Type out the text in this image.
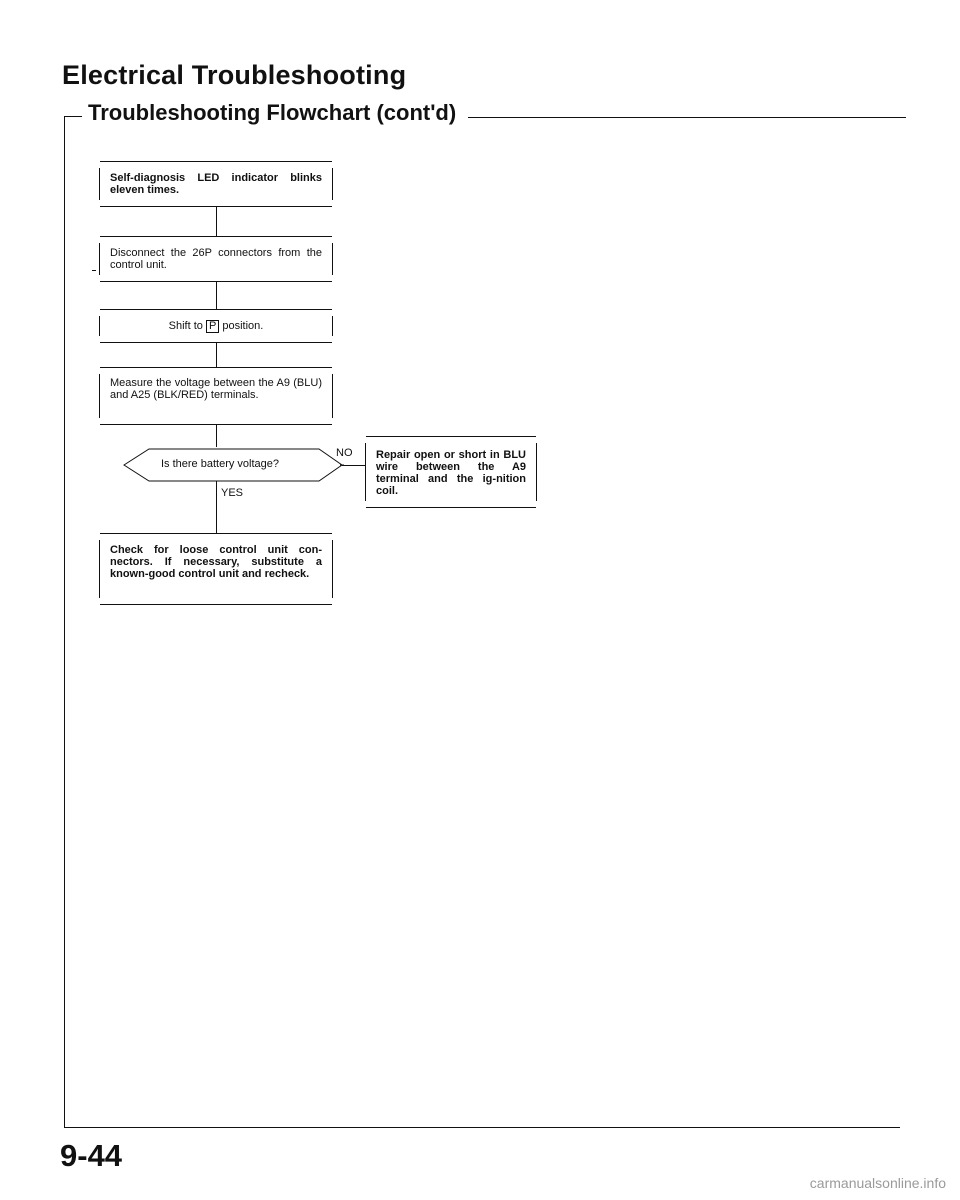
Electrical Troubleshooting
Troubleshooting Flowchart (cont'd)
Self-diagnosis LED indicator blinks eleven times.
Disconnect the 26P connectors from the control unit.
Shift to P position.
Measure the voltage between the A9 (BLU) and A25 (BLK/RED) terminals.
Is there battery voltage?
NO Repair open or short in BLU wire between the A9 terminal and the ig-nition coil.
YES
Check for loose control unit con-nectors. If necessary, substitute a known-good control unit and recheck.
9-44
carmanualsonline.info
